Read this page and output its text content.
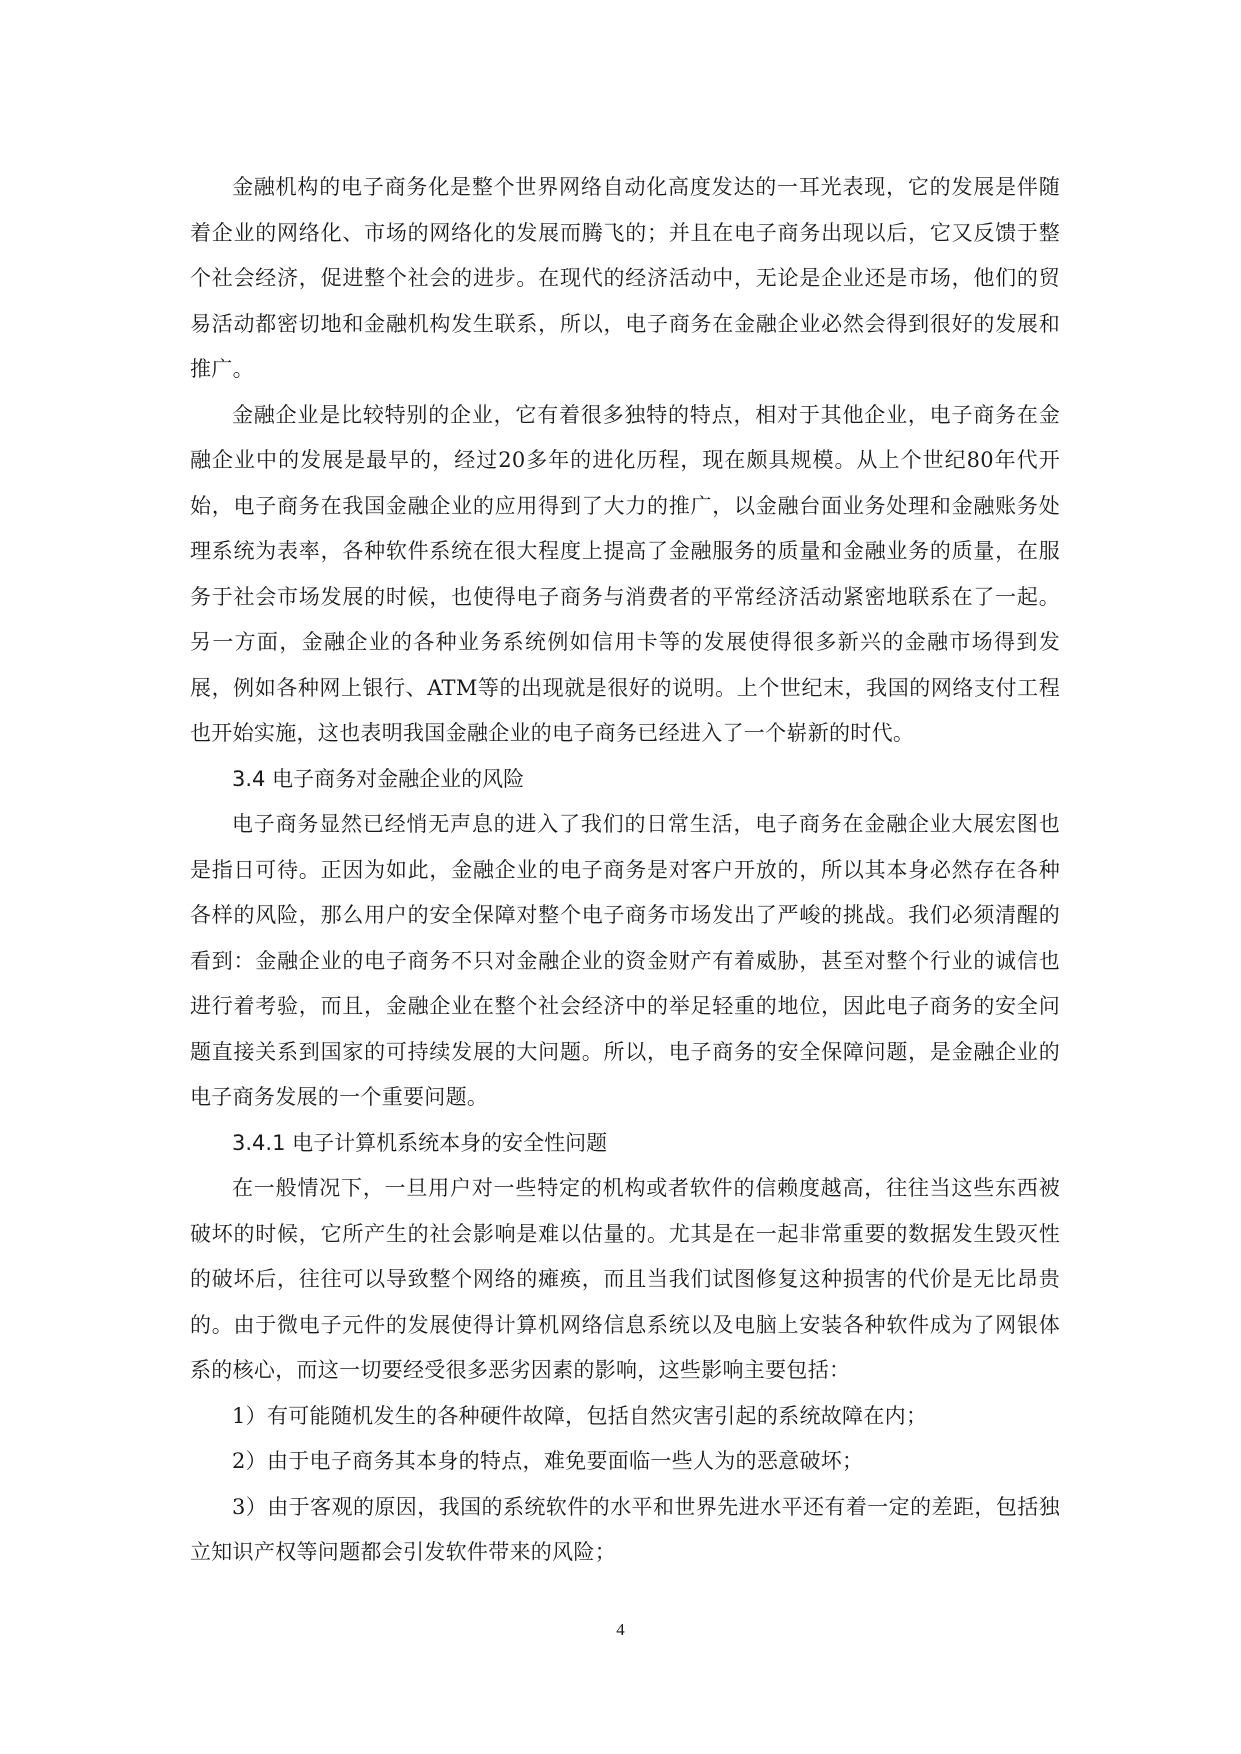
金融机构的电子商务化是整个世界网络自动化高度发达的一耳光表现，它的发展是伴随着企业的网络化、市场的网络化的发展而腾飞的；并且在电子商务出现以后，它又反馈于整个社会经济，促进整个社会的进步。在现代的经济活动中，无论是企业还是市场，他们的贸易活动都密切地和金融机构发生联系，所以，电子商务在金融企业必然会得到很好的发展和推广。

金融企业是比较特别的企业，它有着很多独特的特点，相对于其他企业，电子商务在金融企业中的发展是最早的，经过20多年的进化历程，现在颇具规模。从上个世纪80年代开始，电子商务在我国金融企业的应用得到了大力的推广，以金融台面业务处理和金融账务处理系统为表率，各种软件系统在很大程度上提高了金融服务的质量和金融业务的质量，在服务于社会市场发展的时候，也使得电子商务与消费者的平常经济活动紧密地联系在了一起。另一方面，金融企业的各种业务系统例如信用卡等的发展使得很多新兴的金融市场得到发展，例如各种网上银行、ATM等的出现就是很好的说明。上个世纪末，我国的网络支付工程也开始实施，这也表明我国金融企业的电子商务已经进入了一个崭新的时代。

3.4 电子商务对金融企业的风险

电子商务显然已经悄无声息的进入了我们的日常生活，电子商务在金融企业大展宏图也是指日可待。正因为如此，金融企业的电子商务是对客户开放的，所以其本身必然存在各种各样的风险，那么用户的安全保障对整个电子商务市场发出了严峻的挑战。我们必须清醒的看到：金融企业的电子商务不只对金融企业的资金财产有着威胁，甚至对整个行业的诚信也进行着考验，而且，金融企业在整个社会经济中的举足轻重的地位，因此电子商务的安全问题直接关系到国家的可持续发展的大问题。所以，电子商务的安全保障问题，是金融企业的电子商务发展的一个重要问题。

3.4.1 电子计算机系统本身的安全性问题

在一般情况下，一旦用户对一些特定的机构或者软件的信赖度越高，往往当这些东西被破坏的时候，它所产生的社会影响是难以估量的。尤其是在一起非常重要的数据发生毁灭性的破坏后，往往可以导致整个网络的瘫痪，而且当我们试图修复这种损害的代价是无比昂贵的。由于微电子元件的发展使得计算机网络信息系统以及电脑上安装各种软件成为了网银体系的核心，而这一切要经受很多恶劣因素的影响，这些影响主要包括：

1）有可能随机发生的各种硬件故障，包括自然灾害引起的系统故障在内；

2）由于电子商务其本身的特点，难免要面临一些人为的恶意破坏；

3）由于客观的原因，我国的系统软件的水平和世界先进水平还有着一定的差距，包括独立知识产权等问题都会引发软件带来的风险；

4
